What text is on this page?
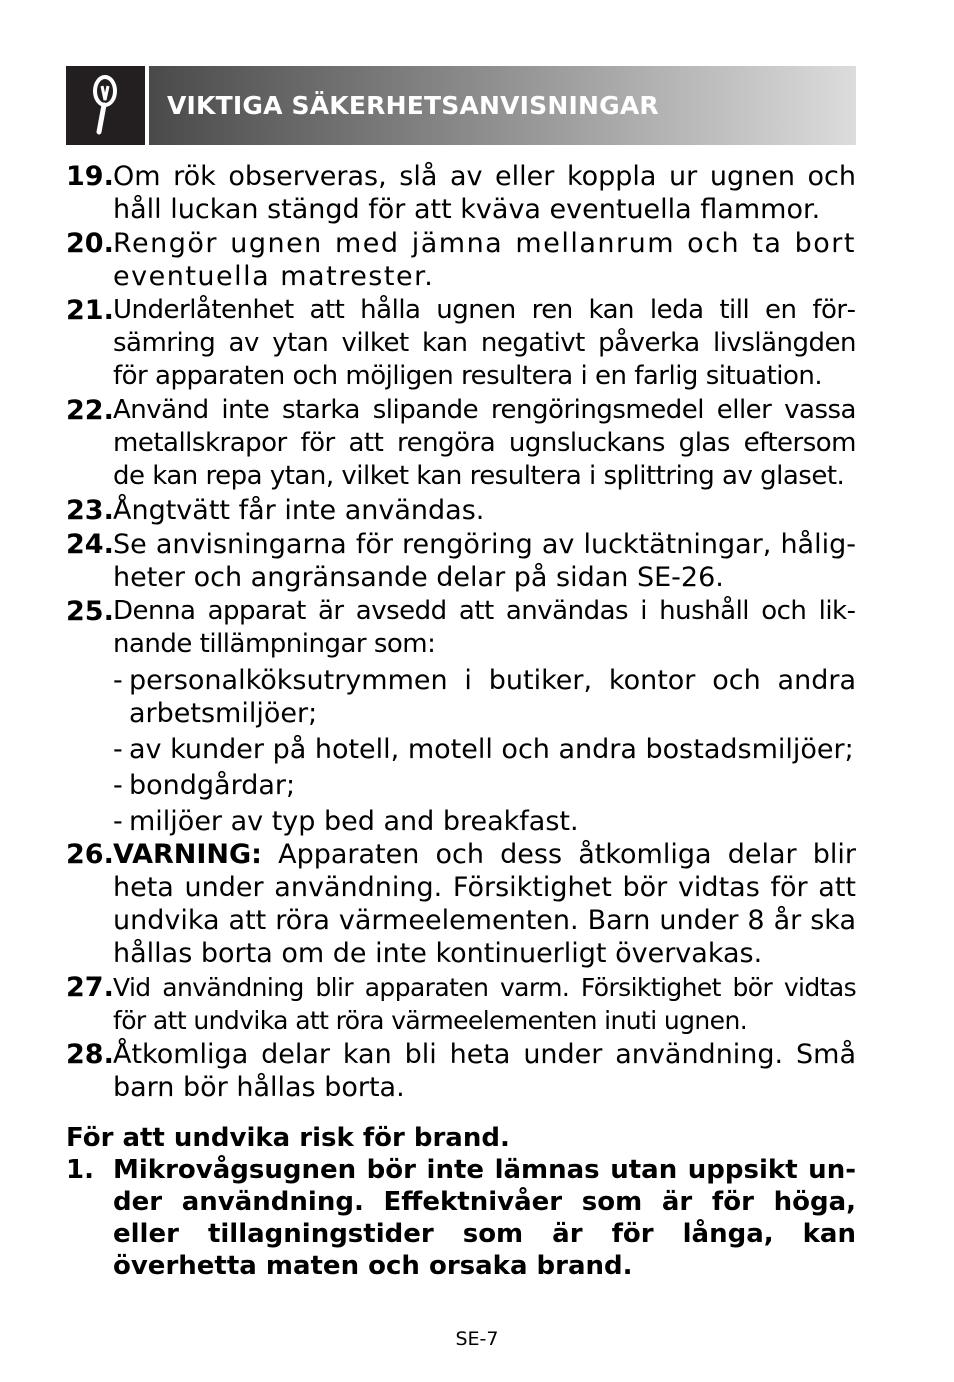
VIKTIGA SÄKERHETSANVISNINGAR
19. Om rök observeras, slå av eller koppla ur ugnen och håll luckan stängd för att kväva eventuella flammor.
20. Rengör ugnen med jämna mellanrum och ta bort eventuella matrester.
21. Underlåtenhet att hålla ugnen ren kan leda till en försämring av ytan vilket kan negativt påverka livslängden för apparaten och möjligen resultera i en farlig situation.
22. Använd inte starka slipande rengöringsmedel eller vassa metallskrapor för att rengöra ugnsluckans glas eftersom de kan repa ytan, vilket kan resultera i splittring av glaset.
23. Ångtvätt får inte användas.
24. Se anvisningarna för rengöring av lucktätningar, håligheter och angränsande delar på sidan SE-26.
25. Denna apparat är avsedd att användas i hushåll och liknande tillämpningar som:
- personalköksutrymmen i butiker, kontor och andra arbetsmiljöer;
- av kunder på hotell, motell och andra bostadsmiljöer;
- bondgårdar;
- miljöer av typ bed and breakfast.
26. VARNING: Apparaten och dess åtkomliga delar blir heta under användning. Försiktighet bör vidtas för att undvika att röra värmeelementen. Barn under 8 år ska hållas borta om de inte kontinuerligt övervakas.
27. Vid användning blir apparaten varm. Försiktighet bör vidtas för att undvika att röra värmeelementen inuti ugnen.
28. Åtkomliga delar kan bli heta under användning. Små barn bör hållas borta.
För att undvika risk för brand.
1. Mikrovågsugnen bör inte lämnas utan uppsikt under användning. Effektnivåer som är för höga, eller tillagningstider som är för långa, kan överhetta maten och orsaka brand.
SE-7
